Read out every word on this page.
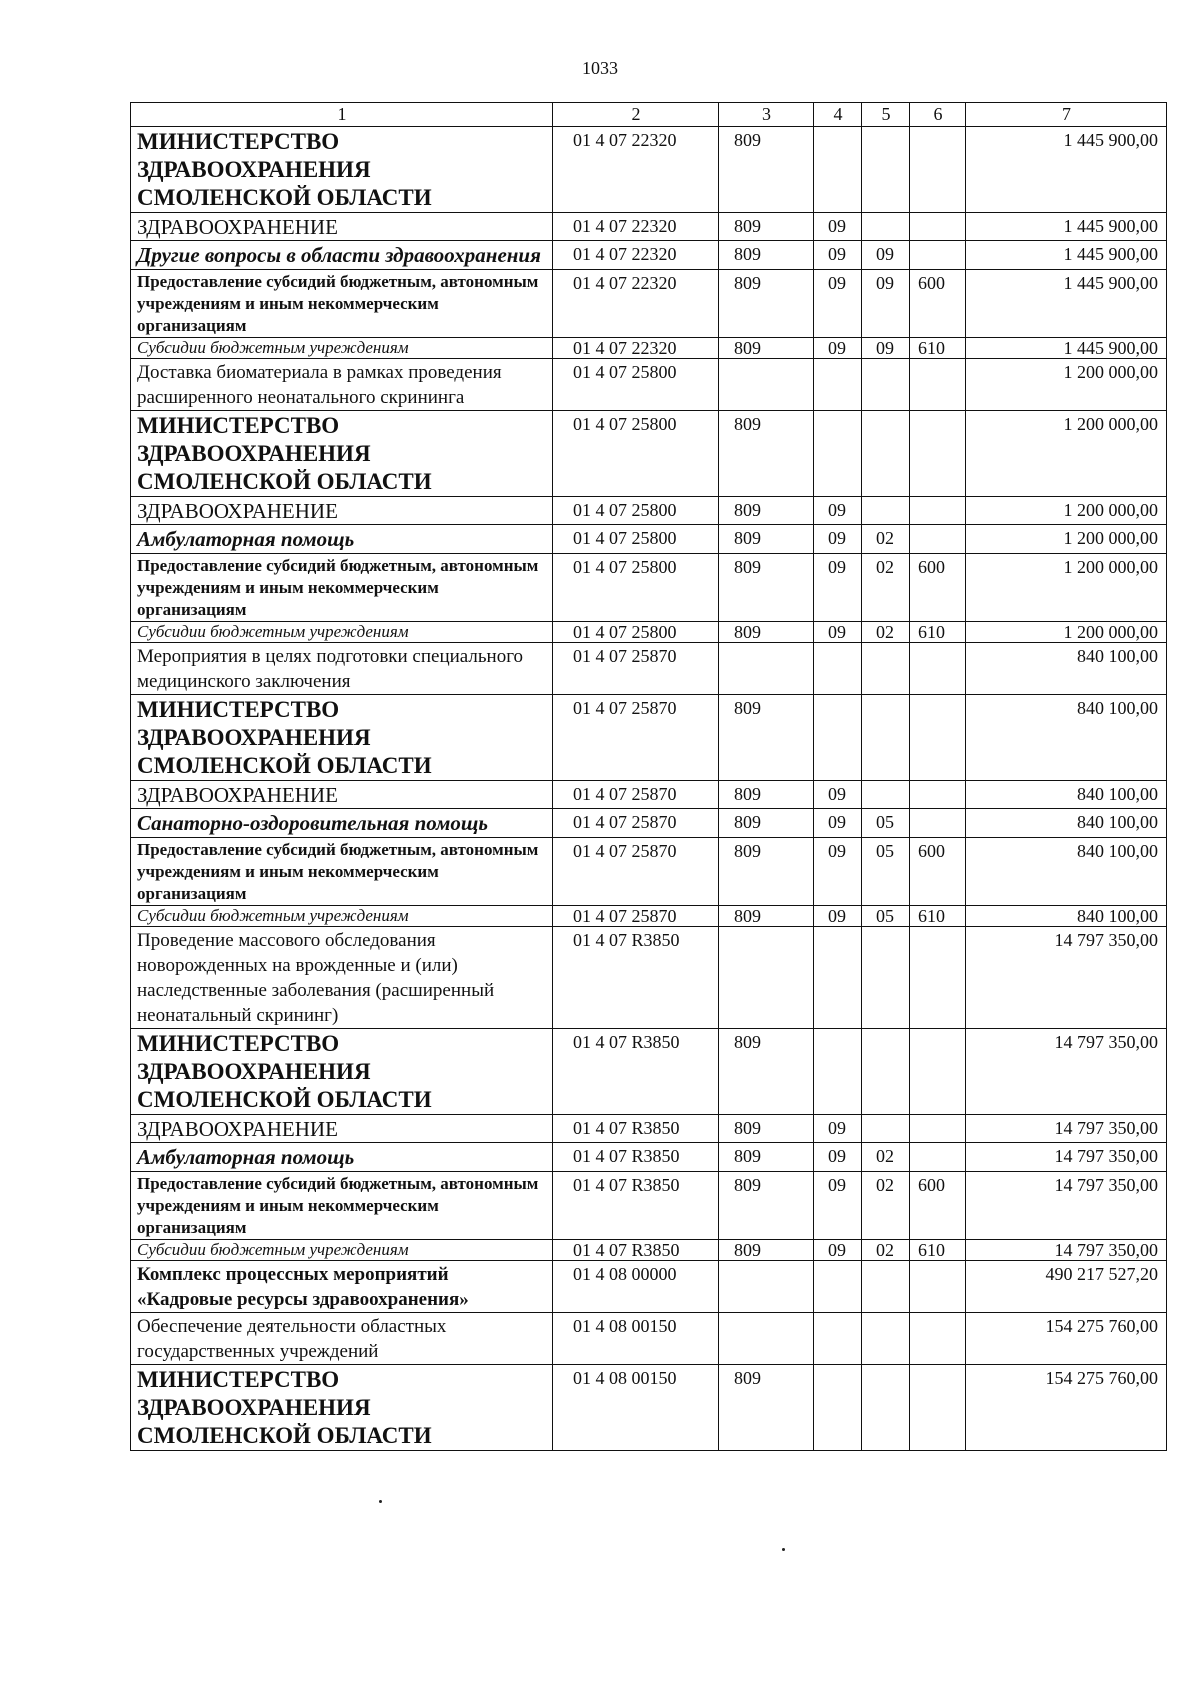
1033
1	2	3	4	5	6	7
МИНИСТЕРСТВО ЗДРАВООХРАНЕНИЯ СМОЛЕНСКОЙ ОБЛАСТИ	01 4 07 22320	809				1 445 900,00
ЗДРАВООХРАНЕНИЕ	01 4 07 22320	809	09			1 445 900,00
Другие вопросы в области здравоохранения	01 4 07 22320	809	09	09		1 445 900,00
Предоставление субсидий бюджетным, автономным учреждениям и иным некоммерческим организациям	01 4 07 22320	809	09	09	600	1 445 900,00
Субсидии бюджетным учреждениям	01 4 07 22320	809	09	09	610	1 445 900,00
Доставка биоматериала в рамках проведения расширенного неонатального скрининга	01 4 07 25800					1 200 000,00
МИНИСТЕРСТВО ЗДРАВООХРАНЕНИЯ СМОЛЕНСКОЙ ОБЛАСТИ	01 4 07 25800	809				1 200 000,00
ЗДРАВООХРАНЕНИЕ	01 4 07 25800	809	09			1 200 000,00
Амбулаторная помощь	01 4 07 25800	809	09	02		1 200 000,00
Предоставление субсидий бюджетным, автономным учреждениям и иным некоммерческим организациям	01 4 07 25800	809	09	02	600	1 200 000,00
Субсидии бюджетным учреждениям	01 4 07 25800	809	09	02	610	1 200 000,00
Мероприятия в целях подготовки специального медицинского заключения	01 4 07 25870					840 100,00
МИНИСТЕРСТВО ЗДРАВООХРАНЕНИЯ СМОЛЕНСКОЙ ОБЛАСТИ	01 4 07 25870	809				840 100,00
ЗДРАВООХРАНЕНИЕ	01 4 07 25870	809	09			840 100,00
Санаторно-оздоровительная помощь	01 4 07 25870	809	09	05		840 100,00
Предоставление субсидий бюджетным, автономным учреждениям и иным некоммерческим организациям	01 4 07 25870	809	09	05	600	840 100,00
Субсидии бюджетным учреждениям	01 4 07 25870	809	09	05	610	840 100,00
Проведение массового обследования новорожденных на врожденные и (или) наследственные заболевания (расширенный неонатальный скрининг)	01 4 07 R3850					14 797 350,00
МИНИСТЕРСТВО ЗДРАВООХРАНЕНИЯ СМОЛЕНСКОЙ ОБЛАСТИ	01 4 07 R3850	809				14 797 350,00
ЗДРАВООХРАНЕНИЕ	01 4 07 R3850	809	09			14 797 350,00
Амбулаторная помощь	01 4 07 R3850	809	09	02		14 797 350,00
Предоставление субсидий бюджетным, автономным учреждениям и иным некоммерческим организациям	01 4 07 R3850	809	09	02	600	14 797 350,00
Субсидии бюджетным учреждениям	01 4 07 R3850	809	09	02	610	14 797 350,00
Комплекс процессных мероприятий «Кадровые ресурсы здравоохранения»	01 4 08 00000					490 217 527,20
Обеспечение деятельности областных государственных учреждений	01 4 08 00150					154 275 760,00
МИНИСТЕРСТВО ЗДРАВООХРАНЕНИЯ СМОЛЕНСКОЙ ОБЛАСТИ	01 4 08 00150	809				154 275 760,00
